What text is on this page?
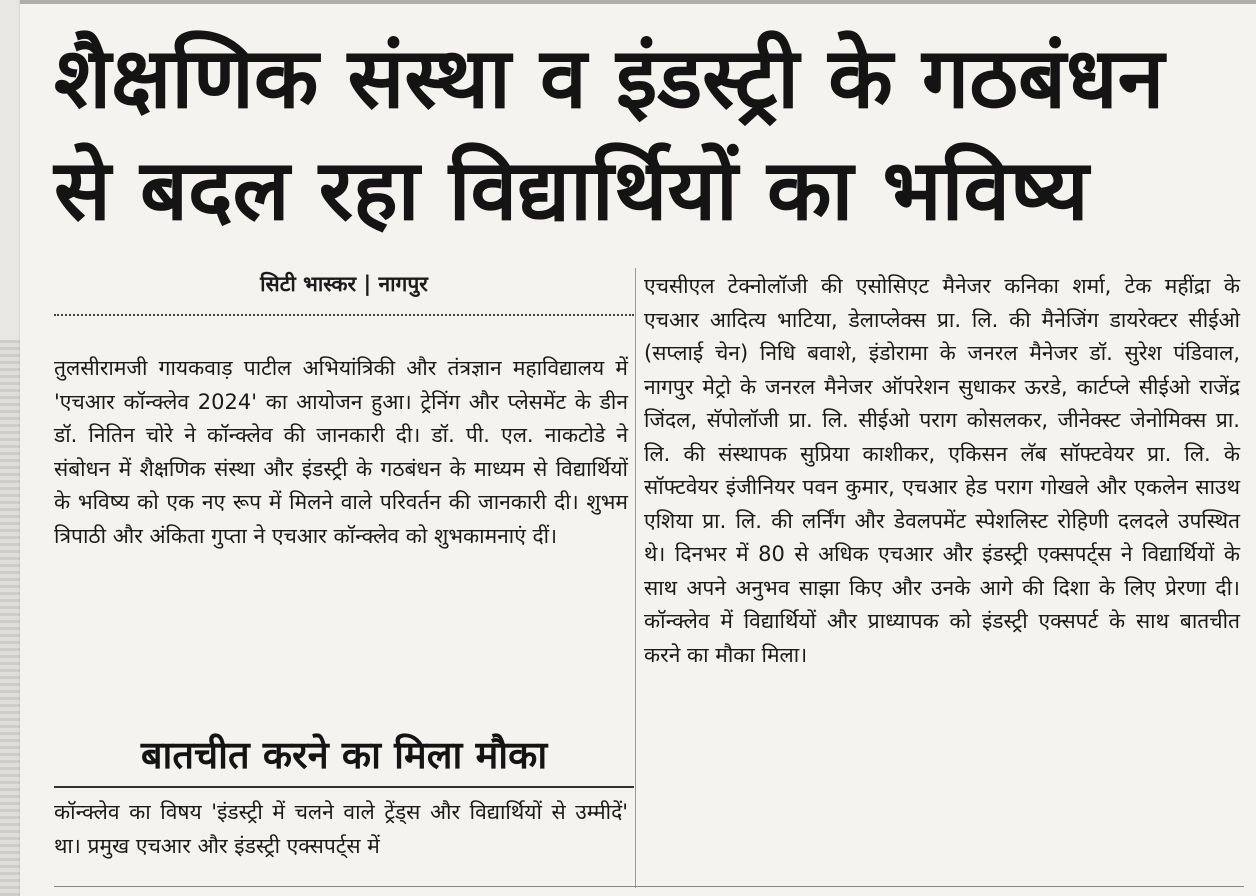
शैक्षणिक संस्था व इंडस्ट्री के गठबंधन
से बदल रहा विद्यार्थियों का भविष्य
सिटी भास्कर | नागपुर
तुलसीरामजी गायकवाड़ पाटील अभियांत्रिकी और तंत्रज्ञान महाविद्यालय में 'एचआर कॉन्क्लेव 2024' का आयोजन हुआ। ट्रेनिंग और प्लेसमेंट के डीन डॉ. नितिन चोरे ने कॉन्क्लेव की जानकारी दी। डॉ. पी. एल. नाकटोडे ने संबोधन में शैक्षणिक संस्था और इंडस्ट्री के गठबंधन के माध्यम से विद्यार्थियों के भविष्य को एक नए रूप में मिलने वाले परिवर्तन की जानकारी दी। शुभम त्रिपाठी और अंकिता गुप्ता ने एचआर कॉन्क्लेव को शुभकामनाएं दीं।
बातचीत करने का मिला मौका
कॉन्क्लेव का विषय 'इंडस्ट्री में चलने वाले ट्रेंड्स और विद्यार्थियों से उम्मीदें' था। प्रमुख एचआर और इंडस्ट्री एक्सपर्ट्स में
एचसीएल टेक्नोलॉजी की एसोसिएट मैनेजर कनिका शर्मा, टेक महींद्रा के एचआर आदित्य भाटिया, डेलाप्लेक्स प्रा. लि. की मैनेजिंग डायरेक्टर सीईओ (सप्लाई चेन) निधि बवाशे, इंडोरामा के जनरल मैनेजर डॉ. सुरेश पंडिवाल, नागपुर मेट्रो के जनरल मैनेजर ऑपरेशन सुधाकर ऊरडे, कार्टप्ले सीईओ राजेंद्र जिंदल, सॅपोलॉजी प्रा. लि. सीईओ पराग कोसलकर, जीनेक्स्ट जेनोमिक्स प्रा. लि. की संस्थापक सुप्रिया काशीकर, एकिसन लॅब सॉफ्टवेयर प्रा. लि. के सॉफ्टवेयर इंजीनियर पवन कुमार, एचआर हेड पराग गोखले और एकलेन साउथ एशिया प्रा. लि. की लर्निंग और डेवलपमेंट स्पेशलिस्ट रोहिणी दलदले उपस्थित थे। दिनभर में 80 से अधिक एचआर और इंडस्ट्री एक्सपर्ट्स ने विद्यार्थियों के साथ अपने अनुभव साझा किए और उनके आगे की दिशा के लिए प्रेरणा दी। कॉन्क्लेव में विद्यार्थियों और प्राध्यापक को इंडस्ट्री एक्सपर्ट के साथ बातचीत करने का मौका मिला।
